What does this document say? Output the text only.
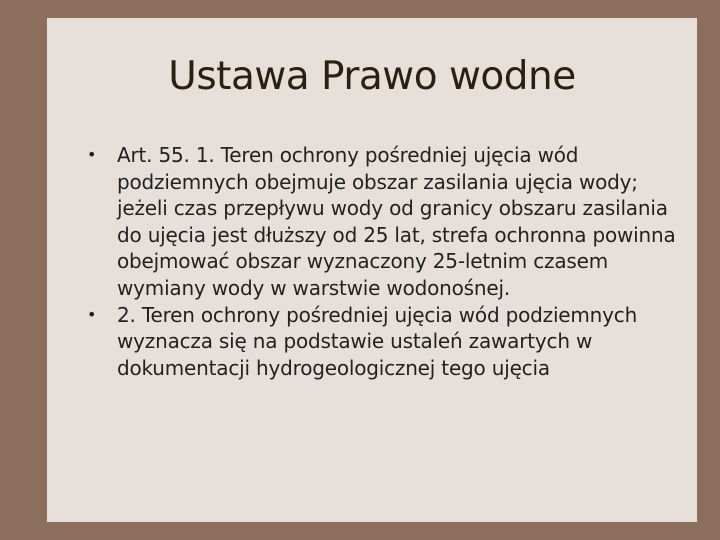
Ustawa Prawo wodne
• Art. 55. 1. Teren ochrony pośredniej ujęcia wód podziemnych obejmuje obszar zasilania ujęcia wody; jeżeli czas przepływu wody od granicy obszaru zasilania do ujęcia jest dłuższy od 25 lat, strefa ochronna powinna obejmować obszar wyznaczony 25-letnim czasem wymiany wody w warstwie wodonośnej.
• 2. Teren ochrony pośredniej ujęcia wód podziemnych wyznacza się na podstawie ustaleń zawartych w dokumentacji hydrogeologicznej tego ujęcia
